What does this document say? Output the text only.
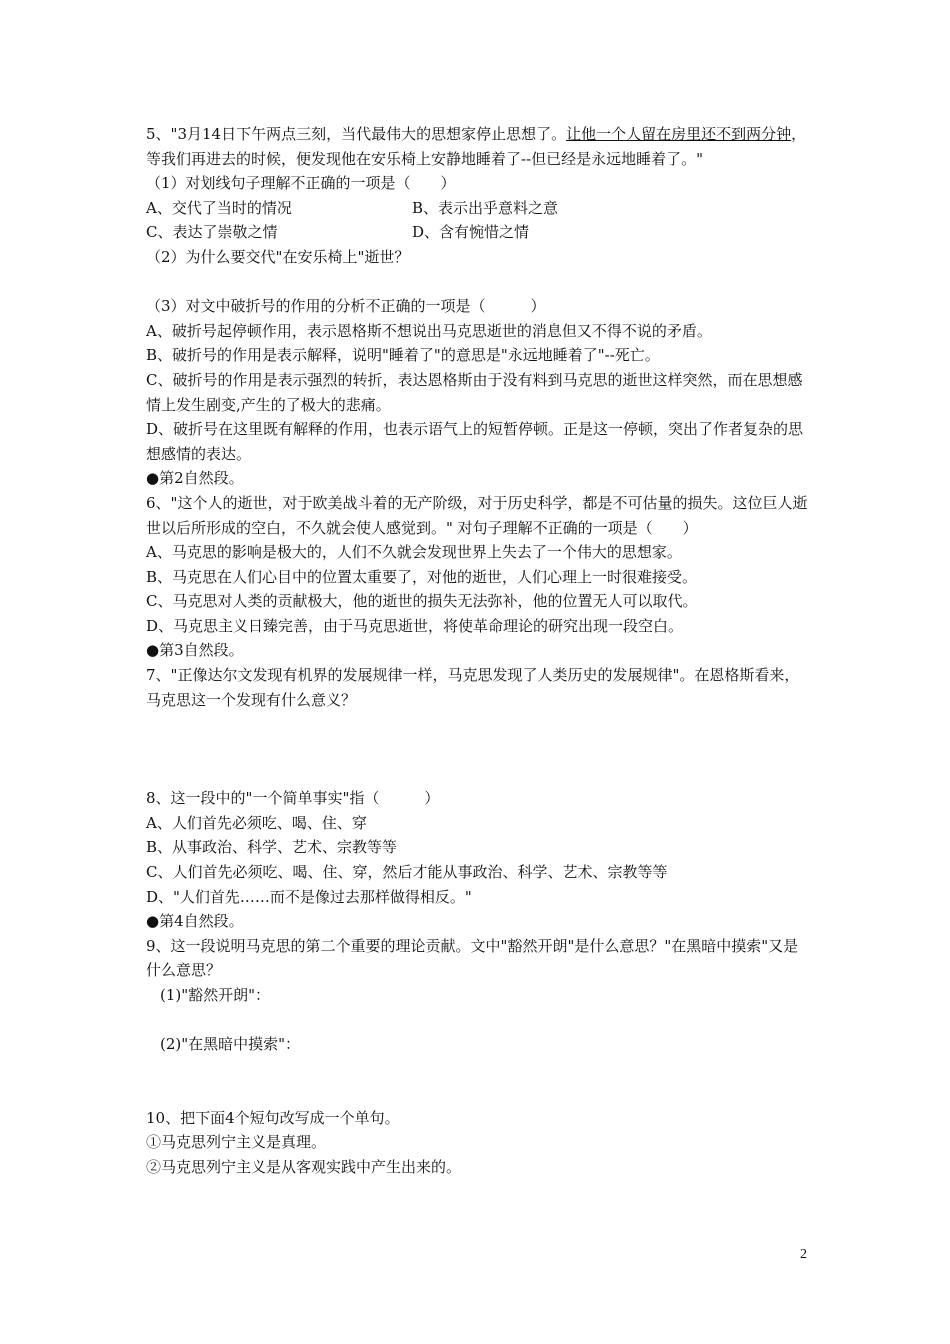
5、"3月14日下午两点三刻，当代最伟大的思想家停止思想了。让他一个人留在房里还不到两分钟，等我们再进去的时候，便发现他在安乐椅上安静地睡着了--但已经是永远地睡着了。"

（1）对划线句子理解不正确的一项是（　　）

A、交代了当时的情况	B、表示出乎意料之意
C、表达了崇敬之情	D、含有惋惜之情

（2）为什么要交代"在安乐椅上"逝世？

（3）对文中破折号的作用的分析不正确的一项是（　　　）

A、破折号起停顿作用，表示恩格斯不想说出马克思逝世的消息但又不得不说的矛盾。

B、破折号的作用是表示解释，说明"睡着了"的意思是"永远地睡着了"--死亡。

C、破折号的作用是表示强烈的转折，表达恩格斯由于没有料到马克思的逝世这样突然，而在思想感情上发生剧变,产生的了极大的悲痛。

D、破折号在这里既有解释的作用，也表示语气上的短暂停顿。正是这一停顿，突出了作者复杂的思想感情的表达。

● 第2自然段。

6、"这个人的逝世，对于欧美战斗着的无产阶级，对于历史科学，都是不可估量的损失。这位巨人逝世以后所形成的空白，不久就会使人感觉到。" 对句子理解不正确的一项是（　　）

A、马克思的影响是极大的，人们不久就会发现世界上失去了一个伟大的思想家。

B、马克思在人们心目中的位置太重要了，对他的逝世，人们心理上一时很难接受。

C、马克思对人类的贡献极大，他的逝世的损失无法弥补，他的位置无人可以取代。

D、马克思主义日臻完善，由于马克思逝世，将使革命理论的研究出现一段空白。

● 第3自然段。

7、"正像达尔文发现有机界的发展规律一样，马克思发现了人类历史的发展规律"。在恩格斯看来，马克思这一个发现有什么意义？

8、这一段中的"一个简单事实"指（　　　）

A、人们首先必须吃、喝、住、穿

B、从事政治、科学、艺术、宗教等等

C、人们首先必须吃、喝、住、穿，然后才能从事政治、科学、艺术、宗教等等

D、"人们首先……而不是像过去那样做得相反。"

● 第4自然段。

9、这一段说明马克思的第二个重要的理论贡献。文中"豁然开朗"是什么意思？"在黑暗中摸索"又是什么意思？

(1)"豁然开朗"：

(2)"在黑暗中摸索"：

10、把下面4个短句改写成一个单句。

①马克思列宁主义是真理。

②马克思列宁主义是从客观实践中产生出来的。

2
